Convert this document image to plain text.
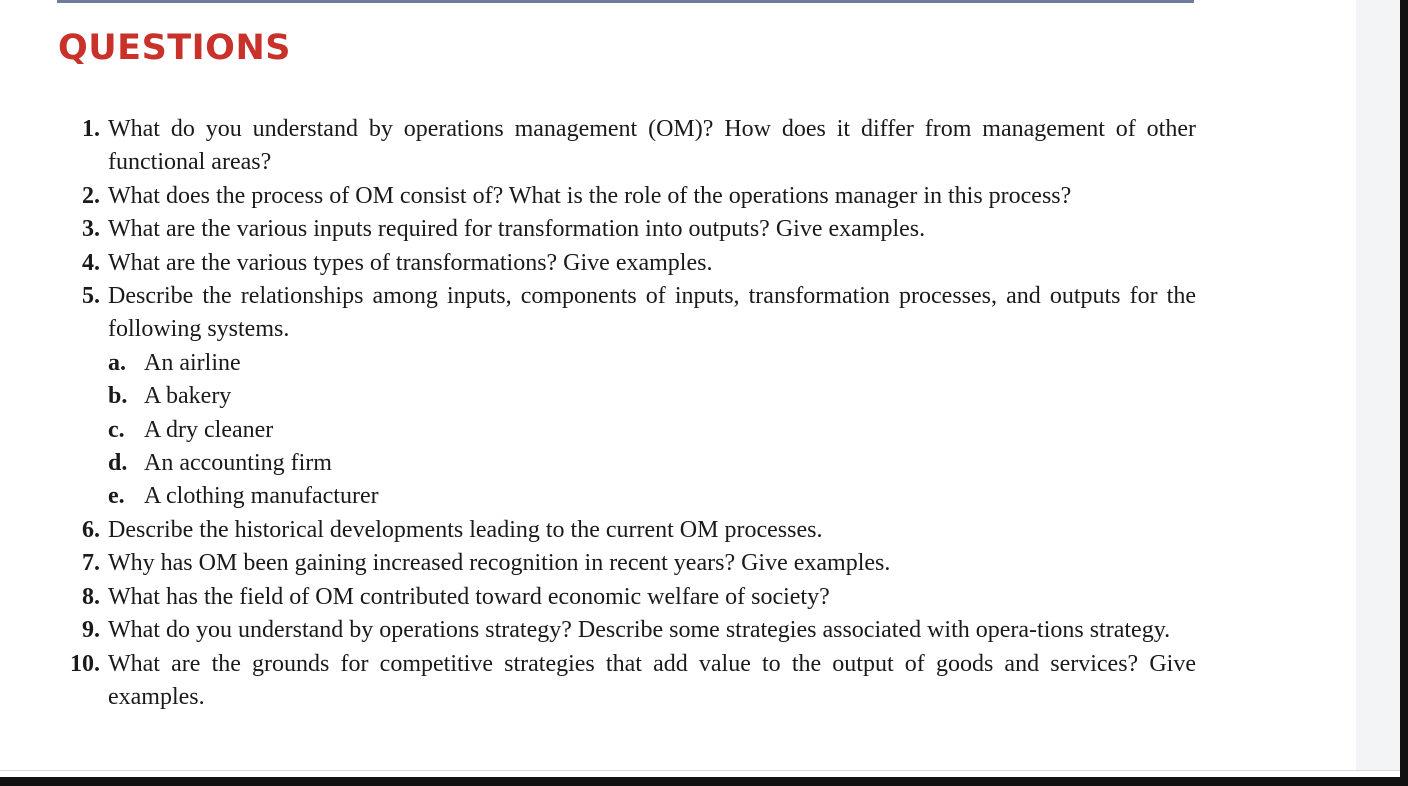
QUESTIONS
1. What do you understand by operations management (OM)? How does it differ from management of other functional areas?
2. What does the process of OM consist of? What is the role of the operations manager in this process?
3. What are the various inputs required for transformation into outputs? Give examples.
4. What are the various types of transformations? Give examples.
5. Describe the relationships among inputs, components of inputs, transformation processes, and outputs for the following systems.
a. An airline
b. A bakery
c. A dry cleaner
d. An accounting firm
e. A clothing manufacturer
6. Describe the historical developments leading to the current OM processes.
7. Why has OM been gaining increased recognition in recent years? Give examples.
8. What has the field of OM contributed toward economic welfare of society?
9. What do you understand by operations strategy? Describe some strategies associated with opera-tions strategy.
10. What are the grounds for competitive strategies that add value to the output of goods and services? Give examples.
